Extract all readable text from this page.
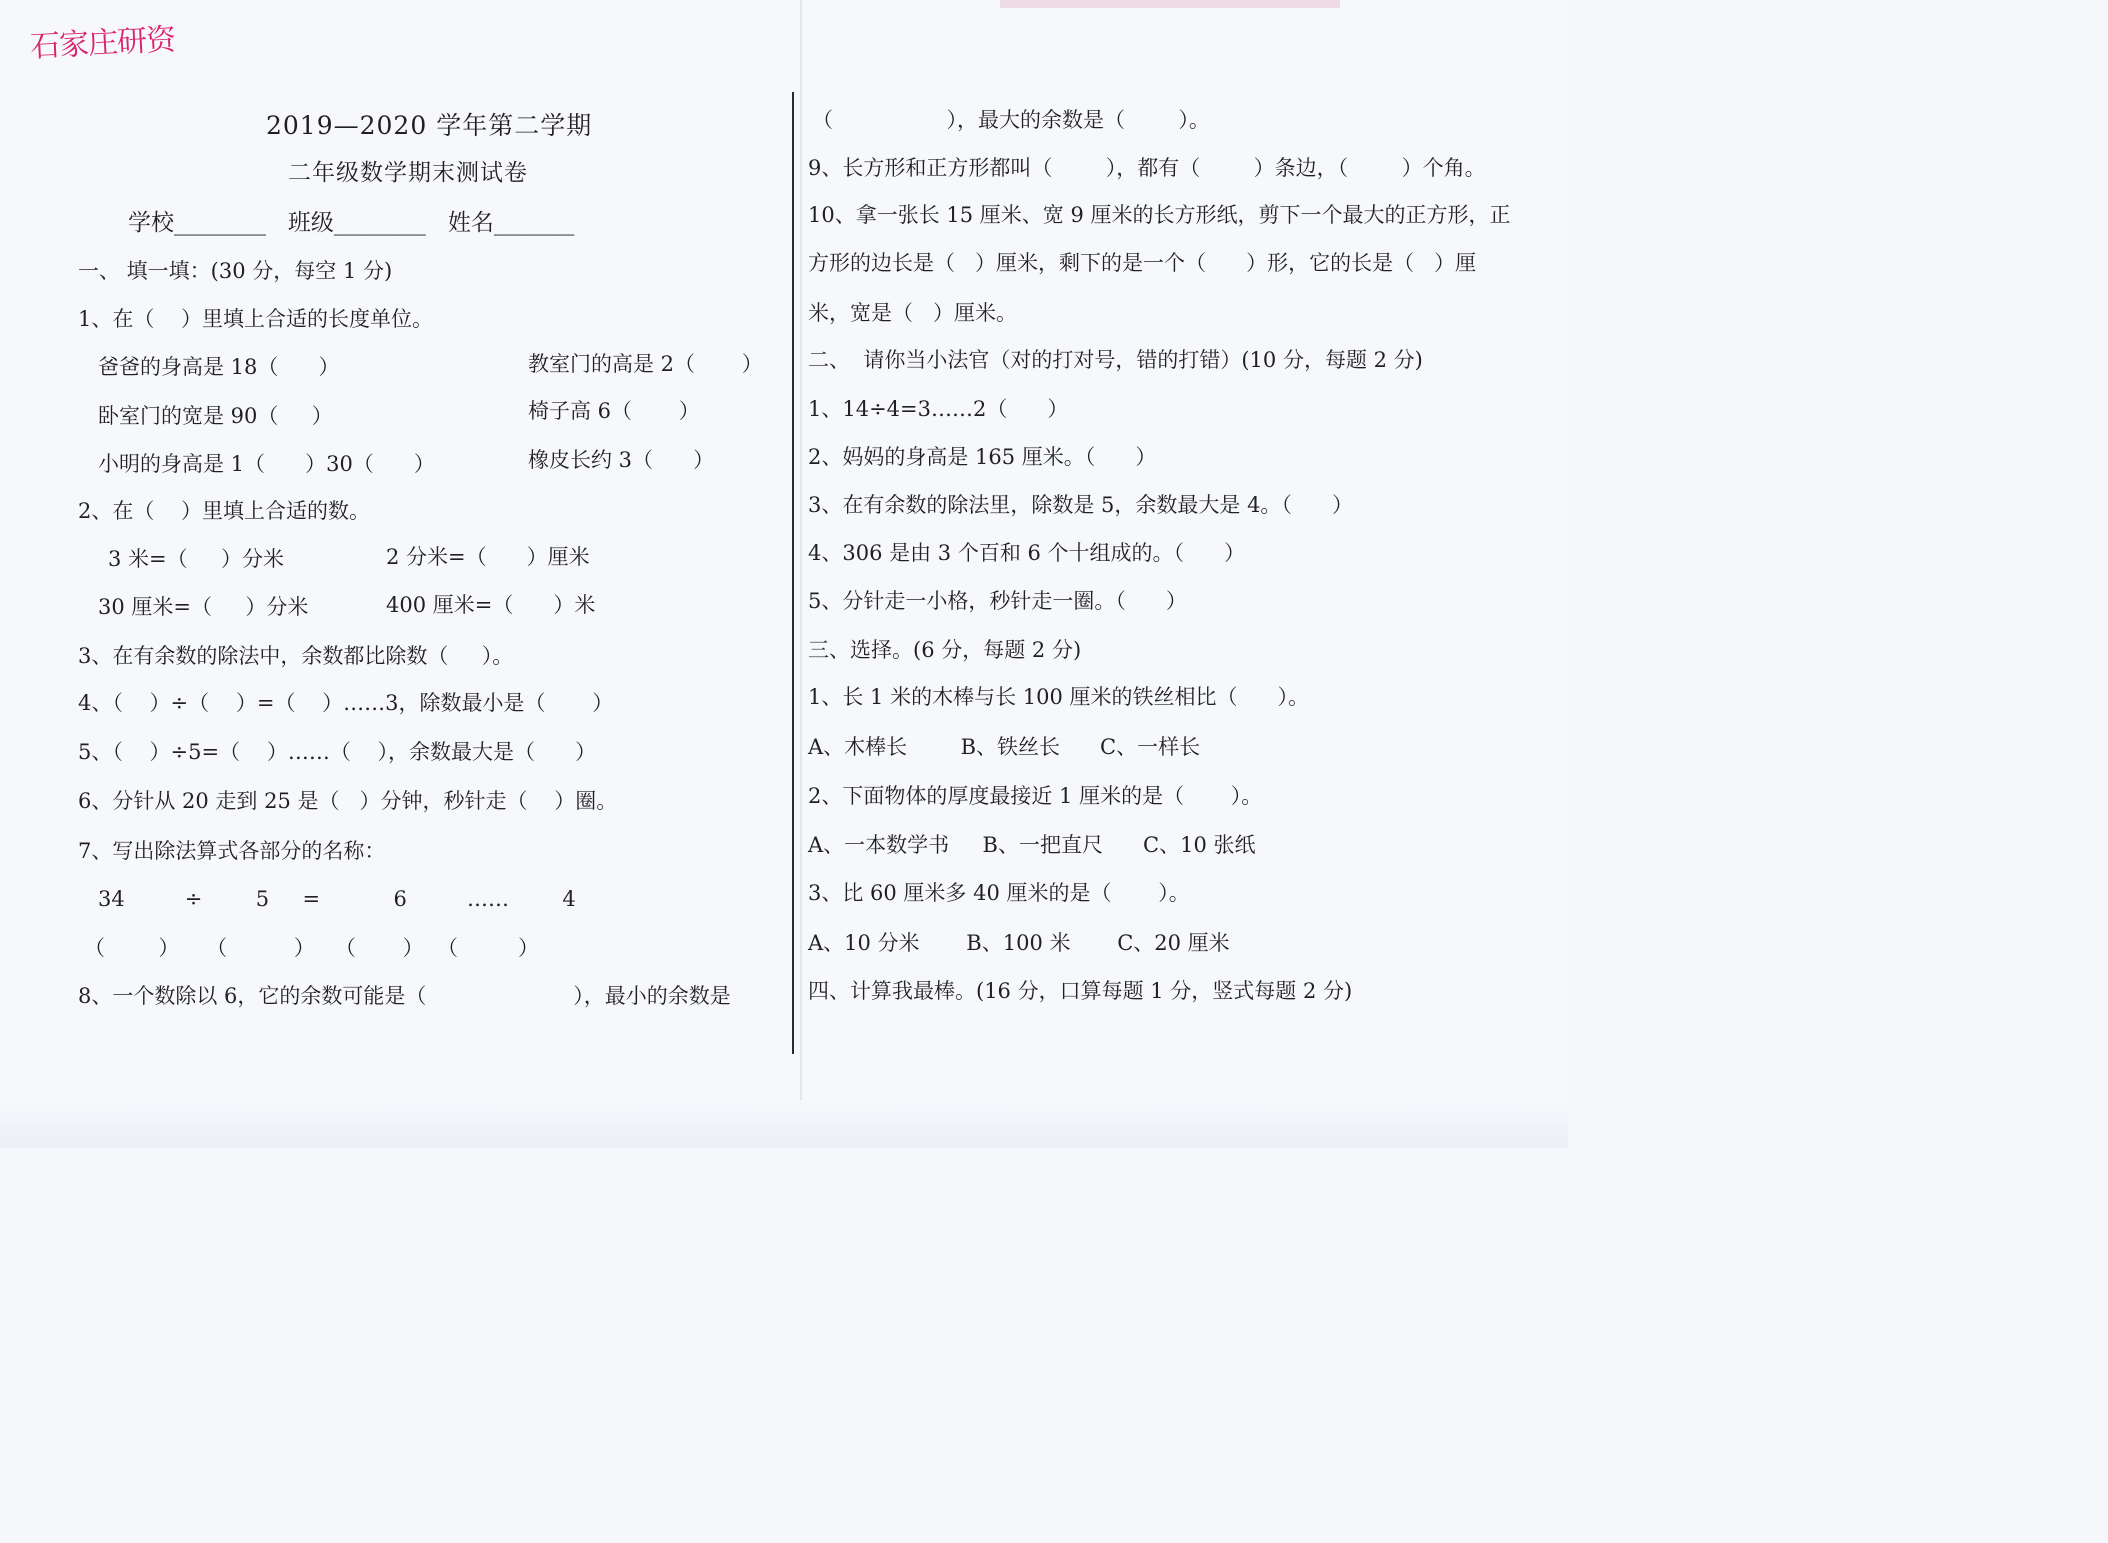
石家庄研资
2019—2020 学年第二学期
二年级数学期末测试卷
学校________   班级________   姓名_______
一、 填一填：(30 分，每空 1 分)
1、在（    ）里填上合适的长度单位。
爸爸的身高是 18（      ）	教室门的高是 2（       ）
卧室门的宽是 90（     ）	椅子高 6（       ）
小明的身高是 1（      ）30（      ）	橡皮长约 3（      ）
2、在（    ）里填上合适的数。
3 米=（     ）分米	2 分米=（      ）厘米
30 厘米=（     ）分米	400 厘米=（      ）米
3、在有余数的除法中，余数都比除数（     ）。
4、（    ）÷（    ）=（    ）……3，除数最小是（       ）
5、（    ）÷5=（    ）……（    ），余数最大是（      ）
6、分针从 20 走到 25 是（   ）分钟，秒针走（    ）圈。
7、写出除法算式各部分的名称：
34         ÷        5     =           6         ……        4
（        ）    （          ）   （       ）  （         ）
8、一个数除以 6，它的余数可能是（                      ），最小的余数是
（                 ），最大的余数是（        ）。
9、长方形和正方形都叫（        ），都有（        ）条边，（        ）个角。
10、拿一张长 15 厘米、宽 9 厘米的长方形纸，剪下一个最大的正方形，正
方形的边长是（   ）厘米，剩下的是一个（      ）形，它的长是（   ）厘
米，宽是（   ）厘米。
二、  请你当小法官（对的打对号，错的打错）(10 分，每题 2 分)
1、14÷4=3……2（      ）
2、妈妈的身高是 165 厘米。（      ）
3、在有余数的除法里，除数是 5，余数最大是 4。（      ）
4、306 是由 3 个百和 6 个十组成的。（      ）
5、分针走一小格，秒针走一圈。（      ）
三、选择。(6 分，每题 2 分)
1、长 1 米的木棒与长 100 厘米的铁丝相比（      ）。
A、木棒长        B、铁丝长      C、一样长
2、下面物体的厚度最接近 1 厘米的是（       ）。
A、一本数学书     B、一把直尺      C、10 张纸
3、比 60 厘米多 40 厘米的是（       ）。
A、10 分米       B、100 米       C、20 厘米
四、计算我最棒。(16 分，口算每题 1 分，竖式每题 2 分)
